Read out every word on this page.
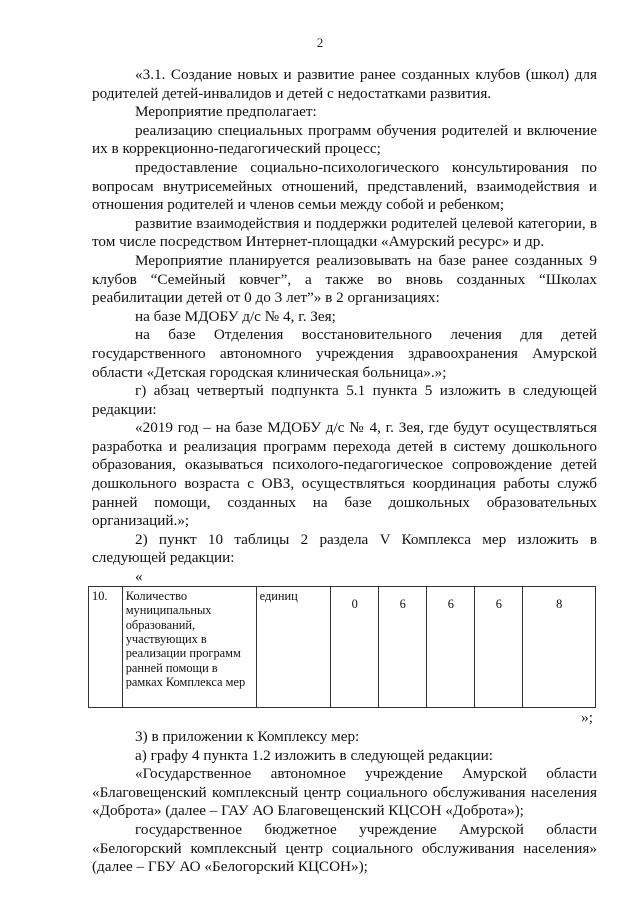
2

«3.1. Создание новых и развитие ранее созданных клубов (школ) для родителей детей-инвалидов и детей с недостатками развития.

Мероприятие предполагает:

реализацию специальных программ обучения родителей и включение их в коррекционно-педагогический процесс;

предоставление социально-психологического консультирования по вопросам внутрисемейных отношений, представлений, взаимодействия и отношения родителей и членов семьи между собой и ребенком;

развитие взаимодействия и поддержки родителей целевой категории, в том числе посредством Интернет-площадки «Амурский ресурс» и др.

Мероприятие планируется реализовывать на базе ранее созданных 9 клубов “Семейный ковчег”, а также во вновь созданных “Школах реабилитации детей от 0 до 3 лет”» в 2 организациях:

на базе МДОБУ д/с № 4, г. Зея;

на базе Отделения восстановительного лечения для детей государственного автономного учреждения здравоохранения Амурской области «Детская городская клиническая больница».»;

г) абзац четвертый подпункта 5.1 пункта 5 изложить в следующей редакции:

«2019 год – на базе МДОБУ д/с № 4, г. Зея, где будут осуществляться разработка и реализация программ перехода детей в систему дошкольного образования, оказываться психолого-педагогическое сопровождение детей дошкольного возраста с ОВЗ, осуществляться координация работы служб ранней помощи, созданных на базе дошкольных образовательных организаций.»;

2) пункт 10 таблицы 2 раздела V Комплекса мер изложить в следующей редакции:

«
10.	Количество муниципальных образований, участвующих в реализации программ ранней помощи в рамках Комплекса мер	единиц	0	6	6	6	8

»;

3) в приложении к Комплексу мер:

а) графу 4 пункта 1.2 изложить в следующей редакции:

«Государственное автономное учреждение Амурской области «Благовещенский комплексный центр социального обслуживания населения «Доброта» (далее – ГАУ АО Благовещенский КЦСОН «Доброта»);

государственное бюджетное учреждение Амурской области «Белогорский комплексный центр социального обслуживания населения» (далее – ГБУ АО «Белогорский КЦСОН»);
